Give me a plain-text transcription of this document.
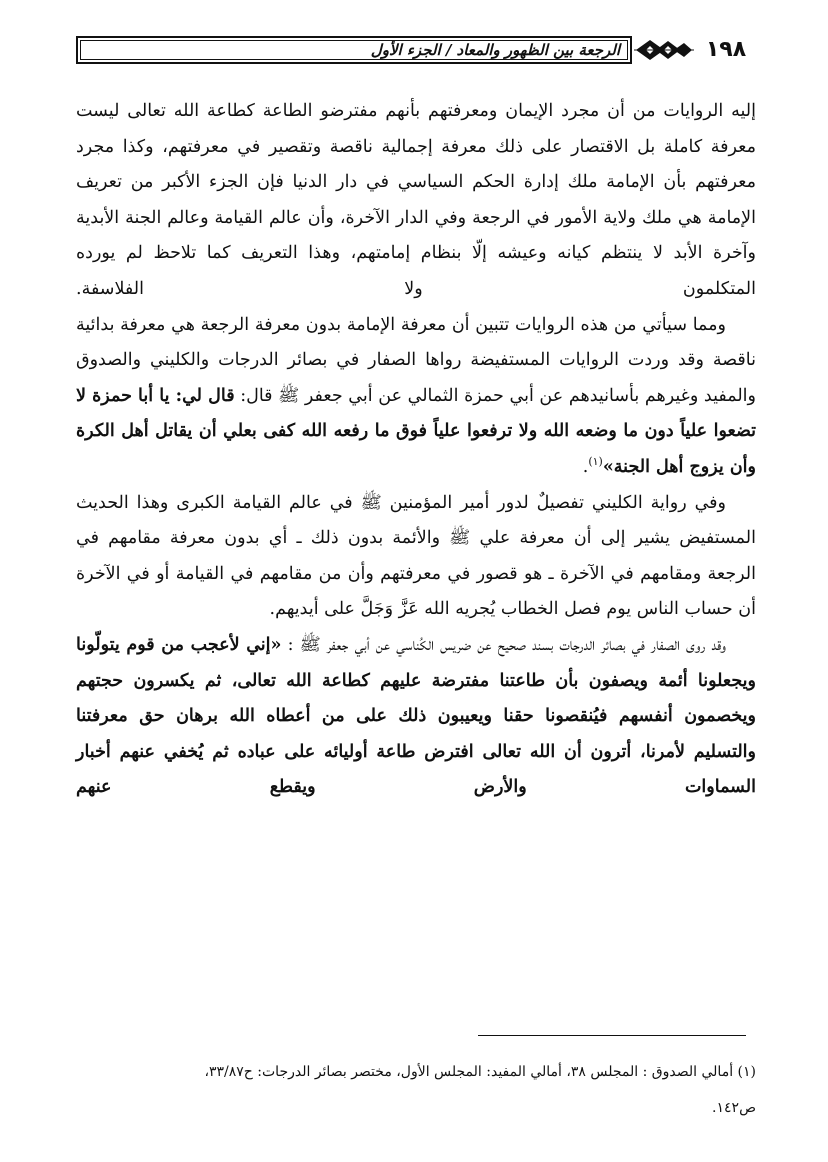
١٩٨
الرجعة بين الظهور والمعاد / الجزء الأول

إليه الروايات من أن مجرد الإيمان ومعرفتهم بأنهم مفترضو الطاعة كطاعة الله تعالى ليست معرفة كاملة بل الاقتصار على ذلك معرفة إجمالية ناقصة وتقصير في معرفتهم، وكذا مجرد معرفتهم بأن الإمامة ملك إدارة الحكم السياسي في دار الدنيا فإن الجزء الأكبر من تعريف الإمامة هي ملك ولاية الأمور في الرجعة وفي الدار الآخرة، وأن عالم القيامة وعالم الجنة الأبدية وآخرة الأبد لا ينتظم كيانه وعيشه إلّا بنظام إمامتهم، وهذا التعريف كما تلاحظ لم يورده المتكلمون ولا الفلاسفة.

ومما سيأتي من هذه الروايات تتبين أن معرفة الإمامة بدون معرفة الرجعة هي معرفة بدائية ناقصة وقد وردت الروايات المستفيضة رواها الصفار في بصائر الدرجات والكليني والصدوق والمفيد وغيرهم بأسانيدهم عن أبي حمزة الثمالي عن أبي جعفر ﷺ قال: قال لي: يا أبا حمزة لا تضعوا علياً دون ما وضعه الله ولا ترفعوا علياً فوق ما رفعه الله كفى بعلي أن يقاتل أهل الكرة وأن يزوج أهل الجنة»$^{(١)}$.

وفي رواية الكليني تفصيلٌ لدور أمير المؤمنين ﷺ في عالم القيامة الكبرى وهذا الحديث المستفيض يشير إلى أن معرفة علي ﷺ والأئمة بدون ذلك ـ أي بدون معرفة مقامهم في الرجعة ومقامهم في الآخرة ـ هو قصور في معرفتهم وأن من مقامهم في القيامة أو في الآخرة أن حساب الناس يوم فصل الخطاب يُجريه الله عَزَّ وَجَلَّ على أيديهم.

وقد روى الصفار في بصائر الدرجات بسند صحيح عن ضريس الكُناسي عن أبي جعفر ﷺ : «إني لأعجب من قوم يتولّونا ويجعلونا أئمة ويصفون بأن طاعتنا مفترضة عليهم كطاعة الله تعالى، ثم يكسرون حجتهم ويخصمون أنفسهم فيُنقصونا حقنا ويعيبون ذلك على من أعطاه الله برهان حق معرفتنا والتسليم لأمرنا، أترون أن الله تعالى افترض طاعة أوليائه على عباده ثم يُخفي عنهم أخبار السماوات والأرض ويقطع عنهم

(١) أمالي الصدوق : المجلس ٣٨، أمالي المفيد: المجلس الأول، مختصر بصائر الدرجات: ح٣٣/٨٧،

ص١٤٢.
